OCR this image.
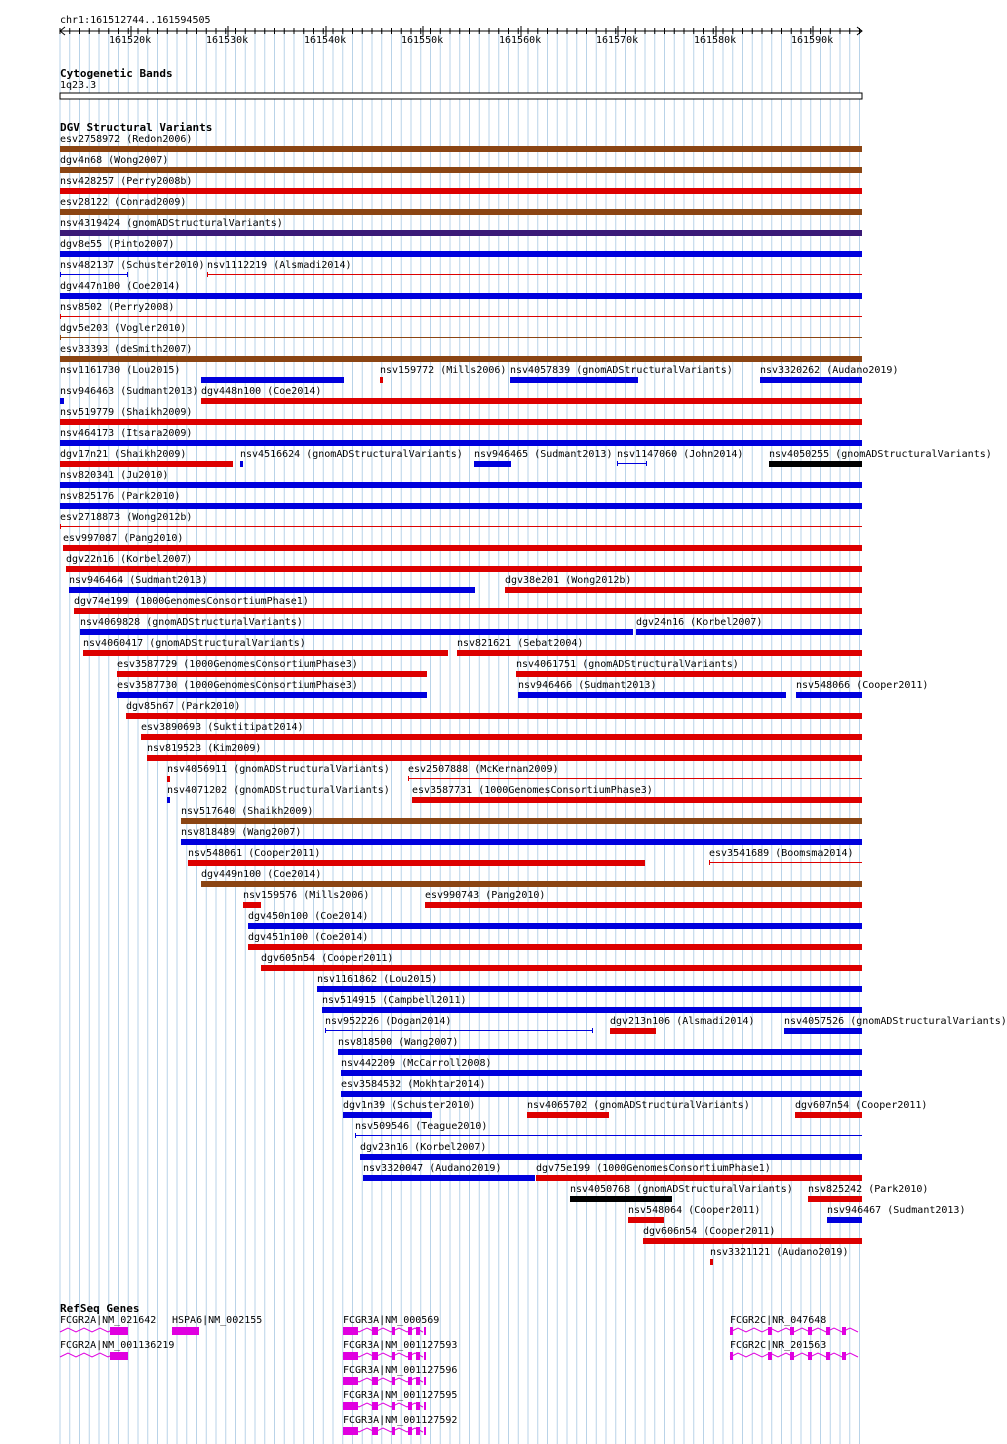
161520k	161530k	161540k	161550k	161560k	161570k	161580k	161590k
chr1:161512744..161594505
Cytogenetic Bands
1q23.3
DGV Structural Variants
esv2758972 (Redon2006)
dgv4n68 (Wong2007)
nsv428257 (Perry2008b)
esv28122 (Conrad2009)
nsv4319424 (gnomADStructuralVariants)
dgv8e55 (Pinto2007)
nsv482137 (Schuster2010) nsv1112219 (Alsmadi2014)
dgv447n100 (Coe2014)
nsv8502 (Perry2008)
dgv5e203 (Vogler2010)
esv33393 (deSmith2007)
nsv1161730 (Lou2015)	nsv159772 (Mills2006) nsv4057839 (gnomADStructuralVariants)	nsv3320262 (Audano2019)
nsv946463 (Sudmant2013) dgv448n100 (Coe2014)
nsv519779 (Shaikh2009)
nsv464173 (Itsara2009)
dgv17n21 (Shaikh2009)	nsv4516624 (gnomADStructuralVariants) nsv946465 (Sudmant2013) nsv1147060 (John2014)	nsv4050255 (gnomADStructuralVariants)
nsv820341 (Ju2010)
nsv825176 (Park2010)
esv2718873 (Wong2012b)
esv997087 (Pang2010)
dgv22n16 (Korbel2007)
nsv946464 (Sudmant2013)	dgv38e201 (Wong2012b)
dgv74e199 (1000GenomesConsortiumPhase1)
nsv4069828 (gnomADStructuralVariants)	dgv24n16 (Korbel2007)
nsv4060417 (gnomADStructuralVariants)	nsv821621 (Sebat2004)
esv3587729 (1000GenomesConsortiumPhase3)	nsv4061751 (gnomADStructuralVariants)
esv3587730 (1000GenomesConsortiumPhase3)	nsv946466 (Sudmant2013)	nsv548066 (Cooper2011)
dgv85n67 (Park2010)
esv3890693 (Suktitipat2014)
nsv819523 (Kim2009)
nsv4056911 (gnomADStructuralVariants) esv2507888 (McKernan2009)
nsv4071202 (gnomADStructuralVariants) esv3587731 (1000GenomesConsortiumPhase3)
nsv517640 (Shaikh2009)
nsv818489 (Wang2007)
nsv548061 (Cooper2011)	esv3541689 (Boomsma2014)
dgv449n100 (Coe2014)
nsv159576 (Mills2006)	esv990743 (Pang2010)
dgv450n100 (Coe2014)
dgv451n100 (Coe2014)
dgv605n54 (Cooper2011)
nsv1161862 (Lou2015)
nsv514915 (Campbell2011)
nsv952226 (Dogan2014)	dgv213n106 (Alsmadi2014)	nsv4057526 (gnomADStructuralVariants)
nsv818500 (Wang2007)
nsv442209 (McCarroll2008)
esv3584532 (Mokhtar2014)
dgv1n39 (Schuster2010)	nsv4065702 (gnomADStructuralVariants)	dgv607n54 (Cooper2011)
nsv509546 (Teague2010)
dgv23n16 (Korbel2007)
nsv3320047 (Audano2019)	dgv75e199 (1000GenomesConsortiumPhase1)
nsv4050768 (gnomADStructuralVariants) nsv825242 (Park2010)
nsv548064 (Cooper2011)	nsv946467 (Sudmant2013)
dgv606n54 (Cooper2011)
nsv3321121 (Audano2019)
RefSeq Genes
FCGR2A|NM_021642
FCGR2A|NM_001136219
HSPA6|NM_002155	FCGR3A|NM_000569
FCGR3A|NM_001127593
FCGR3A|NM_001127596
FCGR3A|NM_001127595
FCGR3A|NM_001127592
FCGR2C|NR_047648
FCGR2C|NR_201563
